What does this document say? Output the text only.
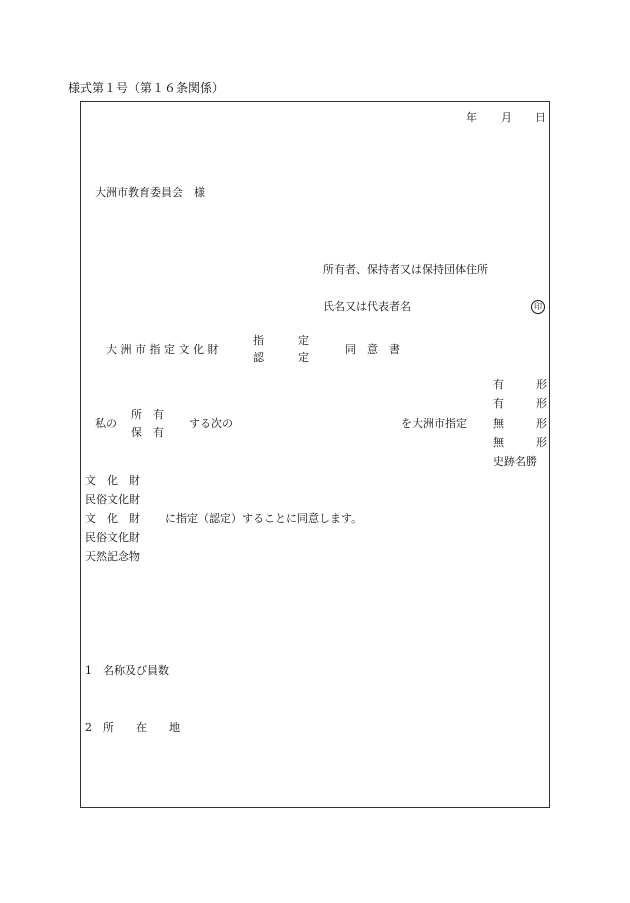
様式第１号（第１６条関係）
年 月 日
大洲市教育委員会　様
所有者、保持者又は保持団体住所
氏名又は代表者名	印
大 洲 市 指 定 文 化 財
指	定
認	定
同　意　書
私の
所　有
保　有
する次の	を大洲市指定
有	形
有	形
無	形
無	形
史跡名勝
文　化　財
民俗文化財
文　化　財
民俗文化財
天然記念物
に指定（認定）することに同意します。
1 名称及び員数
2 所　　在　　地
